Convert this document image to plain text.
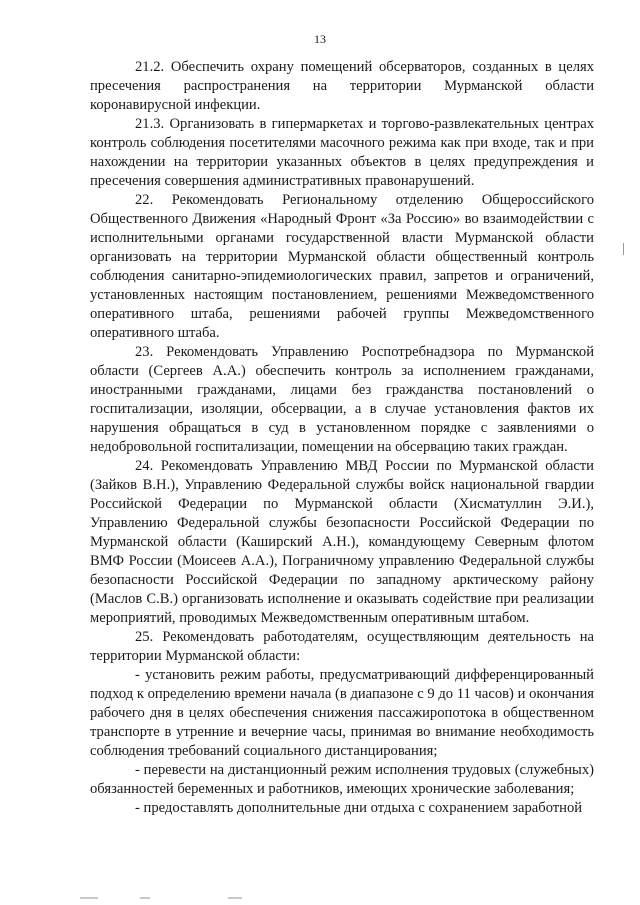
13

21.2. Обеспечить охрану помещений обсерваторов, созданных в целях пресечения распространения на территории Мурманской области коронавирусной инфекции.

21.3. Организовать в гипермаркетах и торгово-развлекательных центрах контроль соблюдения посетителями масочного режима как при входе, так и при нахождении на территории указанных объектов в целях предупреждения и пресечения совершения административных правонарушений.

22. Рекомендовать Региональному отделению Общероссийского Общественного Движения «Народный Фронт «За Россию» во взаимодействии с исполнительными органами государственной власти Мурманской области организовать на территории Мурманской области общественный контроль соблюдения санитарно-эпидемиологических правил, запретов и ограничений, установленных настоящим постановлением, решениями Межведомственного оперативного штаба, решениями рабочей группы Межведомственного оперативного штаба.

23. Рекомендовать Управлению Роспотребнадзора по Мурманской области (Сергеев А.А.) обеспечить контроль за исполнением гражданами, иностранными гражданами, лицами без гражданства постановлений о госпитализации, изоляции, обсервации, а в случае установления фактов их нарушения обращаться в суд в установленном порядке с заявлениями о недобровольной госпитализации, помещении на обсервацию таких граждан.

24. Рекомендовать Управлению МВД России по Мурманской области (Зайков В.Н.), Управлению Федеральной службы войск национальной гвардии Российской Федерации по Мурманской области (Хисматуллин Э.И.), Управлению Федеральной службы безопасности Российской Федерации по Мурманской области (Каширский А.Н.), командующему Северным флотом ВМФ России (Моисеев А.А.), Пограничному управлению Федеральной службы безопасности Российской Федерации по западному арктическому району (Маслов С.В.) организовать исполнение и оказывать содействие при реализации мероприятий, проводимых Межведомственным оперативным штабом.

25. Рекомендовать работодателям, осуществляющим деятельность на территории Мурманской области:

- установить режим работы, предусматривающий дифференцированный подход к определению времени начала (в диапазоне с 9 до 11 часов) и окончания рабочего дня в целях обеспечения снижения пассажиропотока в общественном транспорте в утренние и вечерние часы, принимая во внимание необходимость соблюдения требований социального дистанцирования;

- перевести на дистанционный режим исполнения трудовых (служебных) обязанностей беременных и работников, имеющих хронические заболевания;

- предоставлять дополнительные дни отдыха с сохранением заработной
